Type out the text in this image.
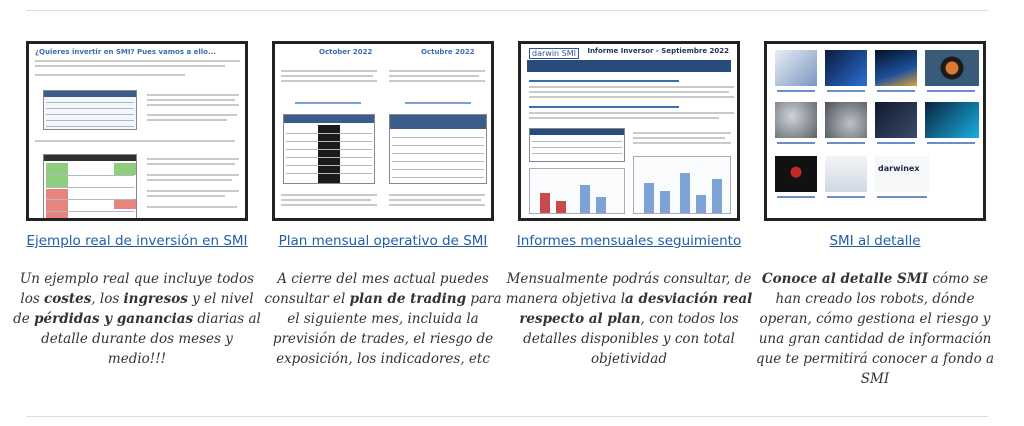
¿Quieres invertir en SMI? Pues vamos a ello...
Ejemplo real de inversión en SMI
Un ejemplo real que incluye todos los costes, los ingresos y el nivel de pérdidas y ganancias diarias al detalle durante dos meses y medio!!!
October 2022	Octubre 2022
Plan mensual operativo de SMI
A cierre del mes actual puedes consultar el plan de trading para el siguiente mes, incluida la previsión de trades, el riesgo de exposición, los indicadores, etc
darwin SMI	Informe Inversor - Septiembre 2022
Informes mensuales seguimiento
Mensualmente podrás consultar, de manera objetiva la desviación real respecto al plan, con todos los detalles disponibles y con total objetividad
darwinex
SMI al detalle
Conoce al detalle SMI cómo se han creado los robots, dónde operan, cómo gestiona el riesgo y una gran cantidad de información que te permitirá conocer a fondo a SMI
